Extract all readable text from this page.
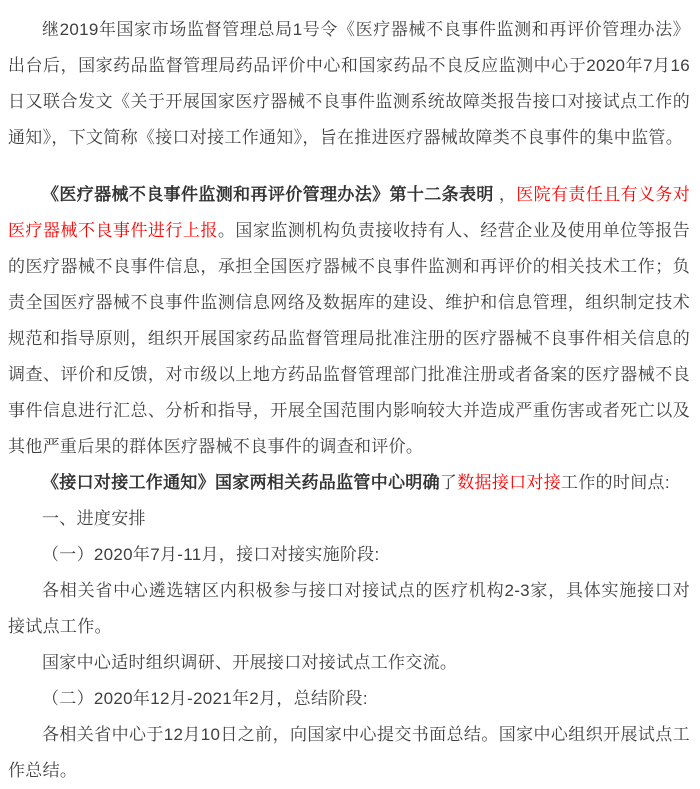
继2019年国家市场监督管理总局1号令《医疗器械不良事件监测和再评价管理办法》出台后，国家药品监督管理局药品评价中心和国家药品不良反应监测中心于2020年7月16日又联合发文《关于开展国家医疗器械不良事件监测系统故障类报告接口对接试点工作的通知》，下文简称《接口对接工作通知》，旨在推进医疗器械故障类不良事件的集中监管。

《医疗器械不良事件监测和再评价管理办法》第十二条表明 ，医院有责任且有义务对医疗器械不良事件进行上报。国家监测机构负责接收持有人、经营企业及使用单位等报告的医疗器械不良事件信息，承担全国医疗器械不良事件监测和再评价的相关技术工作；负责全国医疗器械不良事件监测信息网络及数据库的建设、维护和信息管理，组织制定技术规范和指导原则，组织开展国家药品监督管理局批准注册的医疗器械不良事件相关信息的调查、评价和反馈，对市级以上地方药品监督管理部门批准注册或者备案的医疗器械不良事件信息进行汇总、分析和指导，开展全国范围内影响较大并造成严重伤害或者死亡以及其他严重后果的群体医疗器械不良事件的调查和评价。

《接口对接工作通知》国家两相关药品监管中心明确了数据接口对接工作的时间点:

一、进度安排

（一）2020年7月-11月，接口对接实施阶段:

各相关省中心遴选辖区内积极参与接口对接试点的医疗机构2-3家，具体实施接口对接试点工作。

国家中心适时组织调研、开展接口对接试点工作交流。

（二）2020年12月-2021年2月，总结阶段:

各相关省中心于12月10日之前，向国家中心提交书面总结。国家中心组织开展试点工作总结。
